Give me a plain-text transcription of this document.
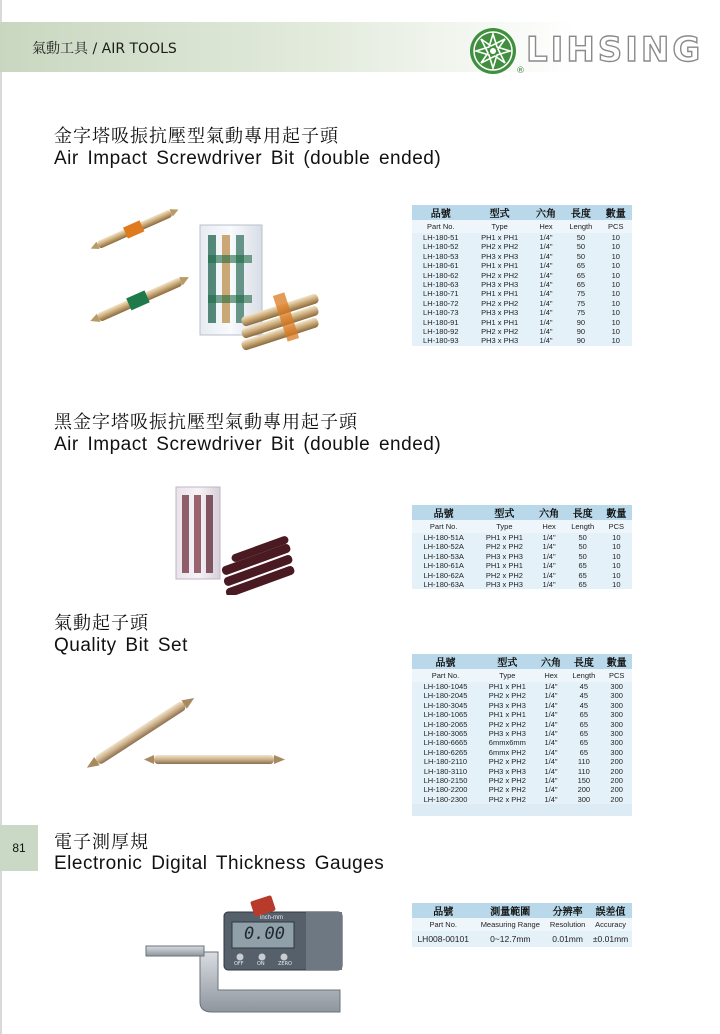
氣動工具 / AIR TOOLS	LIHSING
®
金字塔吸振抗壓型氣動專用起子頭
Air Impact Screwdriver Bit (double ended)
品號	型式	六角	長度	數量
Part No.	Type	Hex	Length	PCS
LH-180-51	PH1 x PH1	1/4"	50	10
LH-180-52	PH2 x PH2	1/4"	50	10
LH-180-53	PH3 x PH3	1/4"	50	10
LH-180-61	PH1 x PH1	1/4"	65	10
LH-180-62	PH2 x PH2	1/4"	65	10
LH-180-63	PH3 x PH3	1/4"	65	10
LH-180-71	PH1 x PH1	1/4"	75	10
LH-180-72	PH2 x PH2	1/4"	75	10
LH-180-73	PH3 x PH3	1/4"	75	10
LH-180-91	PH1 x PH1	1/4"	90	10
LH-180-92	PH2 x PH2	1/4"	90	10
LH-180-93	PH3 x PH3	1/4"	90	10
黑金字塔吸振抗壓型氣動專用起子頭
Air Impact Screwdriver Bit (double ended)
品號	型式	六角	長度	數量
Part No.	Type	Hex	Length	PCS
LH-180-51A	PH1 x PH1	1/4"	50	10
LH-180-52A	PH2 x PH2	1/4"	50	10
LH-180-53A	PH3 x PH3	1/4"	50	10
LH-180-61A	PH1 x PH1	1/4"	65	10
LH-180-62A	PH2 x PH2	1/4"	65	10
LH-180-63A	PH3 x PH3	1/4"	65	10
氣動起子頭
Quality Bit Set
品號	型式	六角	長度	數量
Part No.	Type	Hex	Length	PCS
LH-180-1045	PH1 x PH1	1/4"	45	300
LH-180-2045	PH2 x PH2	1/4"	45	300
LH-180-3045	PH3 x PH3	1/4"	45	300
LH-180-1065	PH1 x PH1	1/4"	65	300
LH-180-2065	PH2 x PH2	1/4"	65	300
LH-180-3065	PH3 x PH3	1/4"	65	300
LH-180-6665	6mmx6mm	1/4"	65	300
LH-180-6265	6mmx PH2	1/4"	65	300
LH-180-2110	PH2 x PH2	1/4"	110	200
LH-180-3110	PH3 x PH3	1/4"	110	200
LH-180-2150	PH2 x PH2	1/4"	150	200
LH-180-2200	PH2 x PH2	1/4"	200	200
LH-180-2300	PH2 x PH2	1/4"	300	200

81	電子測厚規
Electronic Digital Thickness Gauges
inch-mm
0.00
OFF	ON	ZERO
品號	測量範圍	分辨率	誤差值
Part No.	Measuring Range	Resolution	Accuracy
LH008-00101	0~12.7mm	0.01mm	±0.01mm
